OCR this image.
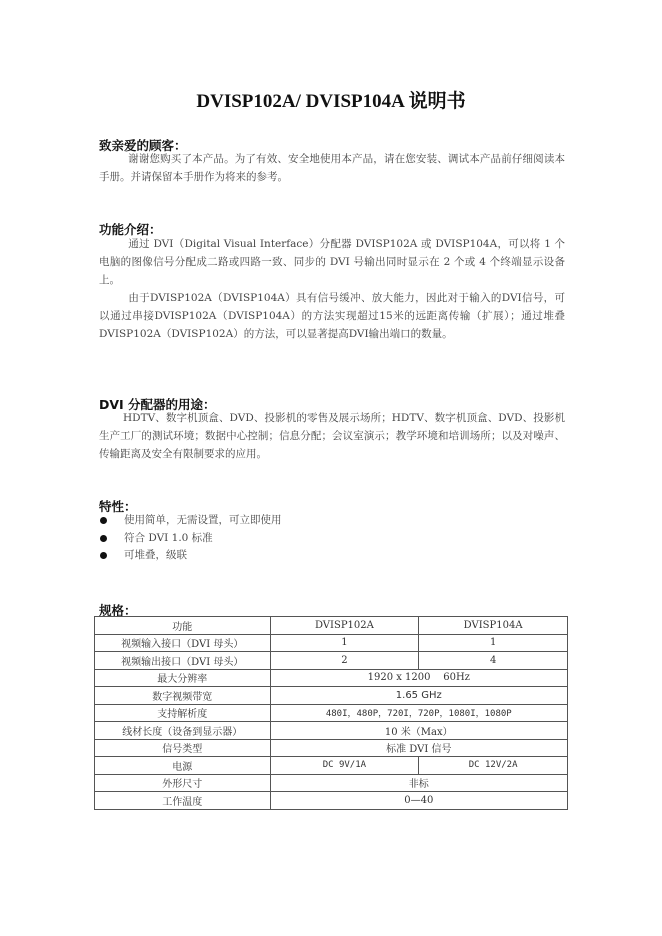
DVISP102A/ DVISP104A 说明书
致亲爱的顾客：

谢谢您购买了本产品。为了有效、安全地使用本产品，请在您安装、调试本产品前仔细阅读本手册。并请保留本手册作为将来的参考。

功能介绍：

通过 DVI（Digital Visual Interface）分配器 DVISP102A 或 DVISP104A，可以将 1 个电脑的图像信号分配成二路或四路一致、同步的 DVI 号输出同时显示在 2 个或 4 个终端显示设备上。

由于DVISP102A（DVISP104A）具有信号缓冲、放大能力，因此对于输入的DVI信号，可以通过串接DVISP102A（DVISP104A）的方法实现超过15米的远距离传输（扩展）；通过堆叠DVISP102A（DVISP102A）的方法，可以显著提高DVI输出端口的数量。

DVI 分配器的用途：

HDTV、数字机顶盒、DVD、投影机的零售及展示场所；HDTV、数字机顶盒、DVD、投影机生产工厂的测试环境；数据中心控制；信息分配；会议室演示；教学环境和培训场所；以及对噪声、传输距离及安全有限制要求的应用。

特性：
使用简单，无需设置，可立即使用
符合 DVI 1.0 标准
可堆叠，级联
规格：
功能	DVISP102A	DVISP104A
视频输入接口（DVI 母头）	1	1
视频输出接口（DVI 母头）	2	4
最大分辨率	1920 x 1200    60Hz	
数字视频带宽	1.65 GHz	
支持解析度	480I，480P，720I，720P，1080I，1080P	
线材长度（设备到显示器）	10 米（Max）	
信号类型	标准 DVI 信号	
电源	DC 9V/1A	DC 12V/2A
外形尺寸	非标	
工作温度	0—40	
